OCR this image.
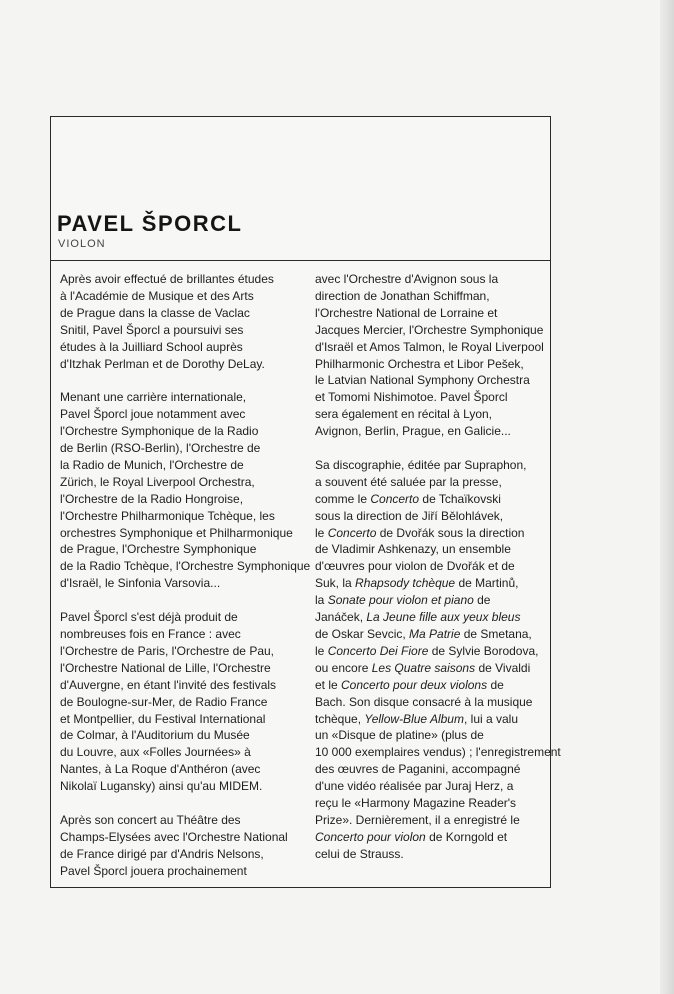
PAVEL ŠPORCL
VIOLON

Après avoir effectué de brillantes études
à l'Académie de Musique et des Arts
de Prague dans la classe de Vaclac
Snitil, Pavel Šporcl a poursuivi ses
études à la Juilliard School auprès
d'Itzhak Perlman et de Dorothy DeLay.

Menant une carrière internationale,
Pavel Šporcl joue notamment avec
l'Orchestre Symphonique de la Radio
de Berlin (RSO-Berlin), l'Orchestre de
la Radio de Munich, l'Orchestre de
Zürich, le Royal Liverpool Orchestra,
l'Orchestre de la Radio Hongroise,
l'Orchestre Philharmonique Tchèque, les
orchestres Symphonique et Philharmonique
de Prague, l'Orchestre Symphonique
de la Radio Tchèque, l'Orchestre Symphonique
d'Israël, le Sinfonia Varsovia...

Pavel Šporcl s'est déjà produit de
nombreuses fois en France : avec
l'Orchestre de Paris, l'Orchestre de Pau,
l'Orchestre National de Lille, l'Orchestre
d'Auvergne, en étant l'invité des festivals
de Boulogne-sur-Mer, de Radio France
et Montpellier, du Festival International
de Colmar, à l'Auditorium du Musée
du Louvre, aux «Folles Journées» à
Nantes, à La Roque d'Anthéron (avec
Nikolaï Lugansky) ainsi qu'au MIDEM.

Après son concert au Théâtre des
Champs-Elysées avec l'Orchestre National
de France dirigé par d'Andris Nelsons,
Pavel Šporcl jouera prochainement

avec l'Orchestre d'Avignon sous la
direction de Jonathan Schiffman,
l'Orchestre National de Lorraine et
Jacques Mercier, l'Orchestre Symphonique
d'Israël et Amos Talmon, le Royal Liverpool
Philharmonic Orchestra et Libor Pešek,
le Latvian National Symphony Orchestra
et Tomomi Nishimotoe. Pavel Šporcl
sera également en récital à Lyon,
Avignon, Berlin, Prague, en Galicie...

Sa discographie, éditée par Supraphon,
a souvent été saluée par la presse,
comme le Concerto de Tchaïkovski
sous la direction de Jiří Bělohlávek,
le Concerto de Dvořák sous la direction
de Vladimir Ashkenazy, un ensemble
d'œuvres pour violon de Dvořák et de
Suk, la Rhapsody tchèque de Martinů,
la Sonate pour violon et piano de
Janáček, La Jeune fille aux yeux bleus
de Oskar Sevcic, Ma Patrie de Smetana,
le Concerto Dei Fiore de Sylvie Borodova,
ou encore Les Quatre saisons de Vivaldi
et le Concerto pour deux violons de
Bach. Son disque consacré à la musique
tchèque, Yellow-Blue Album, lui a valu
un «Disque de platine» (plus de
10 000 exemplaires vendus) ; l'enregistrement
des œuvres de Paganini, accompagné
d'une vidéo réalisée par Juraj Herz, a
reçu le «Harmony Magazine Reader's
Prize». Dernièrement, il a enregistré le
Concerto pour violon de Korngold et
celui de Strauss.
